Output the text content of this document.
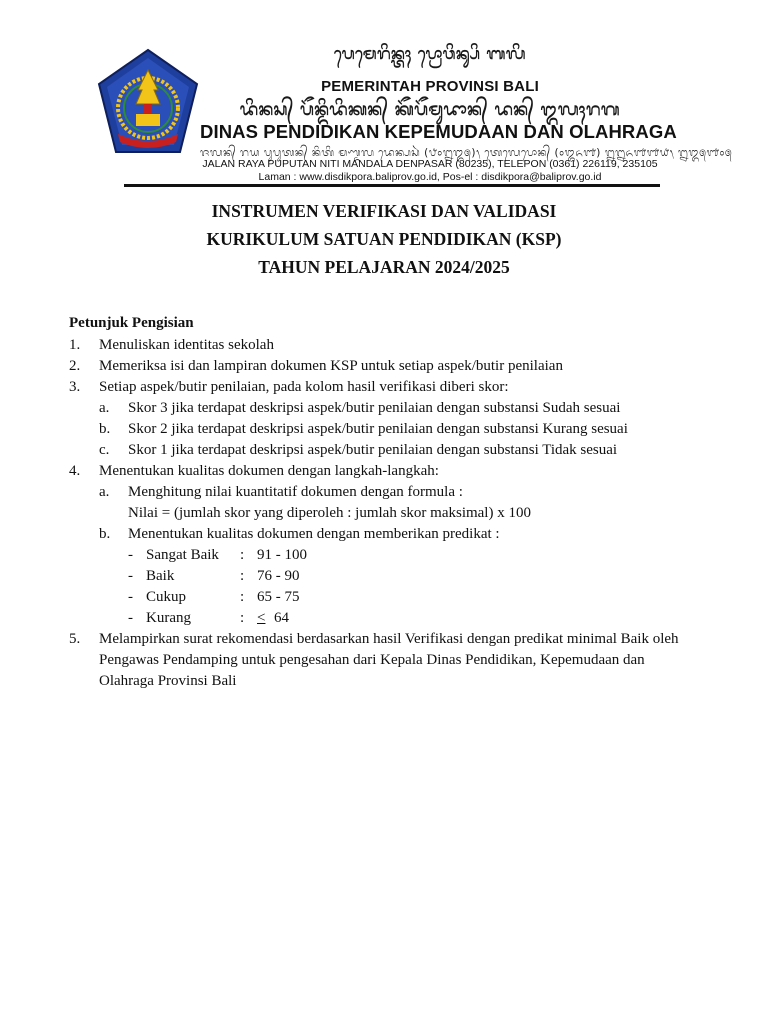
ᬧᬾᬫᬾᬭᬶᬦ᭄ᬢᬄ ᬧ᭄ᬭᭀᬯᬶᬦ᭄ᬲᬶ ᬩᬮᬶ
PEMERINTAH PROVINSI BALI
ᬤᬶᬦᬲ᭄ ᬧᭂᬦ᭄ᬤᬶᬤᬶᬓᬦ᭄ ᬓᭂᬧᭂᬫᬸᬤᬵᬦ᭄ ᬤᬦ᭄ ᬑᬮᬄᬭᬕ
DINAS PENDIDIKAN KEPEMUDAAN DAN OLAHRAGA
ᬚᬮᬦ᭄ ᬭᬬ ᬧᬸᬧᬸᬢᬦ᭄ ᬦᬶᬢᬶ ᬫᬡ᭄ᬤᬮ ᬤᬾᬦ᭄ᬧᬲᬃ (᭘᭐᭒᭓᭕)᭞ ᬢᬾᬮᬾᬧᭀᬦ᭄ (᭐᭓᭖᭑) ᭒᭒᭖᭑᭑᭙᭞ ᭒᭓᭕᭑᭐᭕
JALAN RAYA PUPUTAN NITI MANDALA DENPASAR (80235), TELEPON (0361) 226119, 235105
Laman : www.disdikpora.baliprov.go.id, Pos-el : disdikpora@baliprov.go.id
INSTRUMEN VERIFIKASI DAN VALIDASI
KURIKULUM SATUAN PENDIDIKAN (KSP)
TAHUN PELAJARAN 2024/2025
Petunjuk Pengisian
1. Menuliskan identitas sekolah
2. Memeriksa isi dan lampiran dokumen KSP untuk setiap aspek/butir penilaian
3. Setiap aspek/butir penilaian, pada kolom hasil verifikasi diberi skor:
a. Skor 3 jika terdapat deskripsi aspek/butir penilaian dengan substansi Sudah sesuai
b. Skor 2 jika terdapat deskripsi aspek/butir penilaian dengan substansi Kurang sesuai
c. Skor 1 jika terdapat deskripsi aspek/butir penilaian dengan substansi Tidak sesuai
4. Menentukan kualitas dokumen dengan langkah-langkah:
a. Menghitung nilai kuantitatif dokumen dengan formula :
Nilai = (jumlah skor yang diperoleh : jumlah skor maksimal) x 100
b. Menentukan kualitas dokumen dengan memberikan predikat :
- Sangat Baik : 91 - 100
- Baik	: 76 - 90
- Cukup	: 65 - 75
- Kurang	: < 64
5. Melampirkan surat rekomendasi berdasarkan hasil Verifikasi dengan predikat minimal Baik oleh
Pengawas Pendamping untuk pengesahan dari Kepala Dinas Pendidikan, Kepemudaan dan
Olahraga Provinsi Bali
